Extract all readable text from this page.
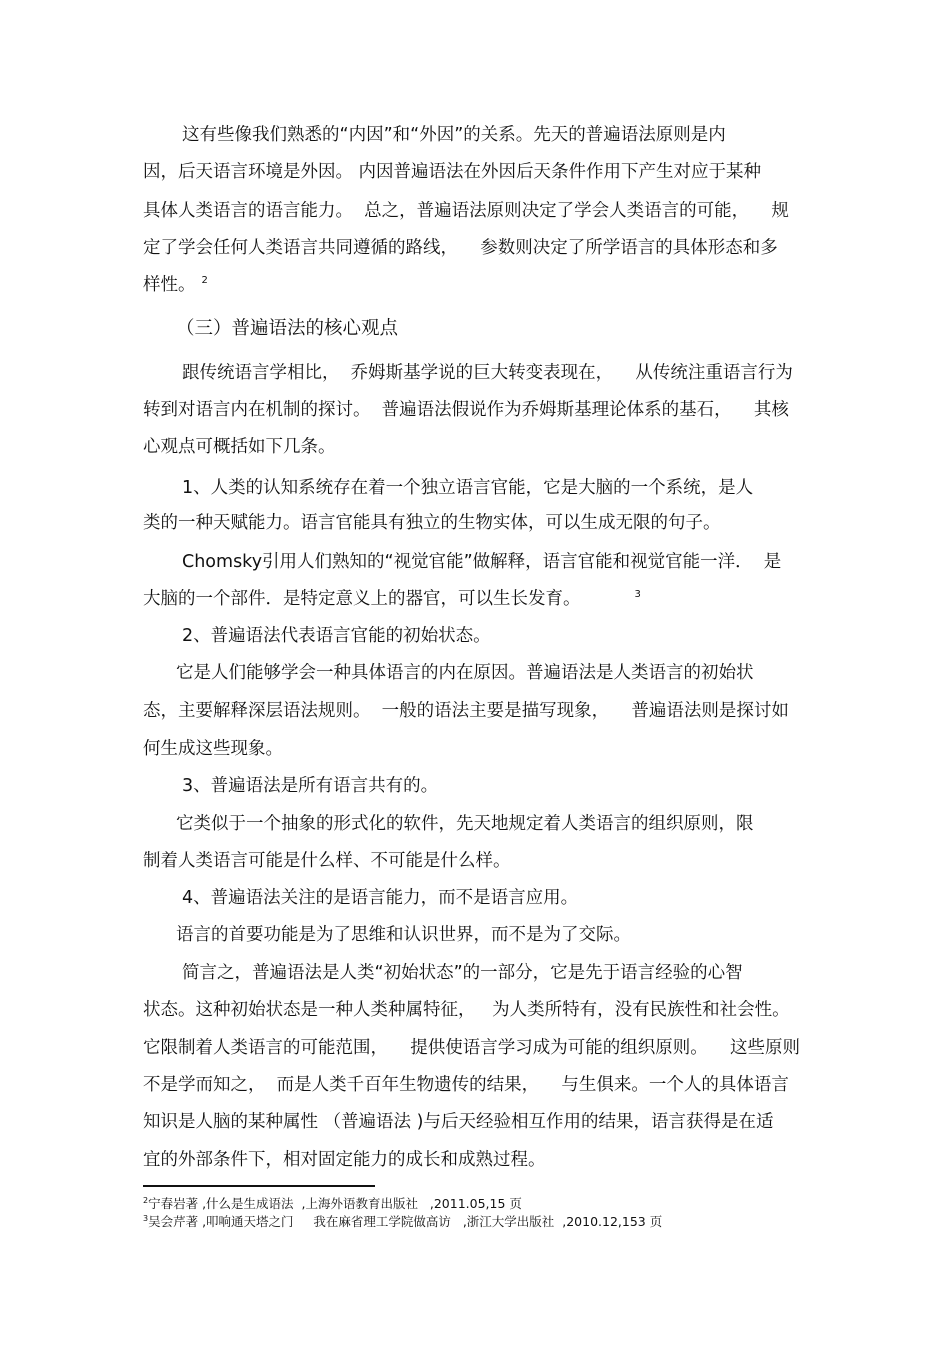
这有些像我们熟悉的“内因”和“外因”的关系。先天的普遍语法原则是内
因，后天语言环境是外因。 内因普遍语法在外因后天条件作用下产生对应于某种
具体人类语言的语言能力。  总之，普遍语法原则决定了学会人类语言的可能，    规
定了学会任何人类语言共同遵循的路线，    参数则决定了所学语言的具体形态和多
样性。 $^2$
（三）普遍语法的核心观点
跟传统语言学相比，  乔姆斯基学说的巨大转变表现在，    从传统注重语言行为
转到对语言内在机制的探讨。  普遍语法假说作为乔姆斯基理论体系的基石，    其核
心观点可概括如下几条。
1、人类的认知系统存在着一个独立语言官能，它是大脑的一个系统，是人
类的一种天赋能力。语言官能具有独立的生物实体，可以生成无限的句子。
Chomsky引用人们熟知的“视觉官能”做解释，语言官能和视觉官能一洋．  是
大脑的一个部件．是特定意义上的器官，可以生长发育。	$^3$
2、普遍语法代表语言官能的初始状态。
它是人们能够学会一种具体语言的内在原因。普遍语法是人类语言的初始状
态，主要解释深层语法规则。  一般的语法主要是描写现象，    普遍语法则是探讨如
何生成这些现象。
3、普遍语法是所有语言共有的。
它类似于一个抽象的形式化的软件，先天地规定着人类语言的组织原则，限
制着人类语言可能是什么样、不可能是什么样。
4、普遍语法关注的是语言能力，而不是语言应用。
语言的首要功能是为了思维和认识世界，而不是为了交际。
简言之，普遍语法是人类“初始状态”的一部分，它是先于语言经验的心智
状态。这种初始状态是一种人类种属特征，   为人类所特有，没有民族性和社会性。
它限制着人类语言的可能范围，    提供使语言学习成为可能的组织原则。    这些原则
不是学而知之，  而是人类千百年生物遗传的结果，    与生俱来。一个人的具体语言
知识是人脑的某种属性 （普遍语法 )与后天经验相互作用的结果，语言获得是在适
宜的外部条件下，相对固定能力的成长和成熟过程。
$^2$宁春岩著 ,什么是生成语法  ,上海外语教育出版社   ,2011.05,15 页
$^3$吴会芹著 ,叩响通天塔之门     我在麻省理工学院做高访   ,浙江大学出版社  ,2010.12,153 页
